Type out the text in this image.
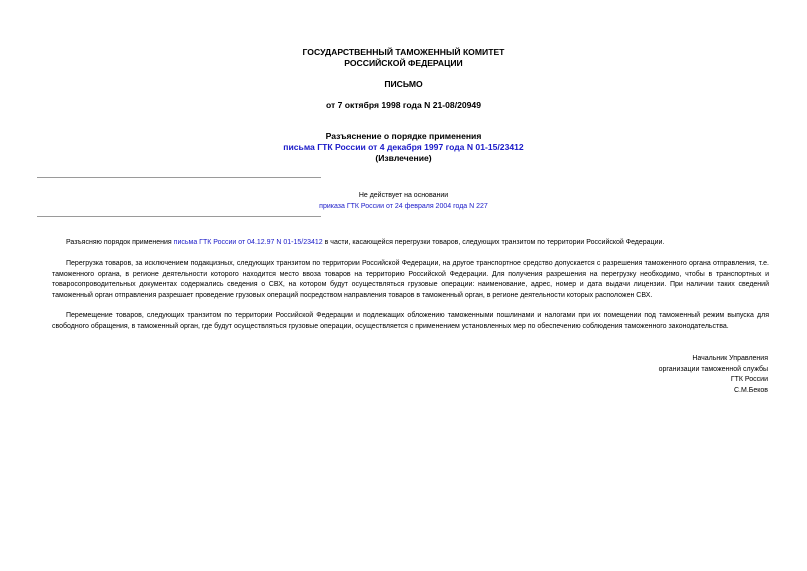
ГОСУДАРСТВЕННЫЙ ТАМОЖЕННЫЙ КОМИТЕТ
РОССИЙСКОЙ ФЕДЕРАЦИИ
ПИСЬМО
от 7 октября 1998 года N 21-08/20949
Разъяснение о порядке применения
письма ГТК России от 4 декабря 1997 года N 01-15/23412
(Извлечение)
Не действует на основании
приказа ГТК России от 24 февраля 2004 года N 227
Разъясняю порядок применения письма ГТК России от 04.12.97 N 01-15/23412 в части, касающейся перегрузки товаров, следующих транзитом по территории Российской Федерации.
Перегрузка товаров, за исключением подакцизных, следующих транзитом по территории Российской Федерации, на другое транспортное средство допускается с разрешения таможенного органа отправления, т.е. таможенного органа, в регионе деятельности которого находится место ввоза товаров на территорию Российской Федерации. Для получения разрешения на перегрузку необходимо, чтобы в транспортных и товаросопроводительных документах содержались сведения о СВХ, на котором будут осуществляться грузовые операции: наименование, адрес, номер и дата выдачи лицензии. При наличии таких сведений таможенный орган отправления разрешает проведение грузовых операций посредством направления товаров в таможенный орган, в регионе деятельности которых расположен СВХ.
Перемещение товаров, следующих транзитом по территории Российской Федерации и подлежащих обложению таможенными пошлинами и налогами при их помещении под таможенный режим выпуска для свободного обращения, в таможенный орган, где будут осуществляться грузовые операции, осуществляется с применением установленных мер по обеспечению соблюдения таможенного законодательства.
Начальник Управления
организации таможенной службы
ГТК России
С.М.Беков
